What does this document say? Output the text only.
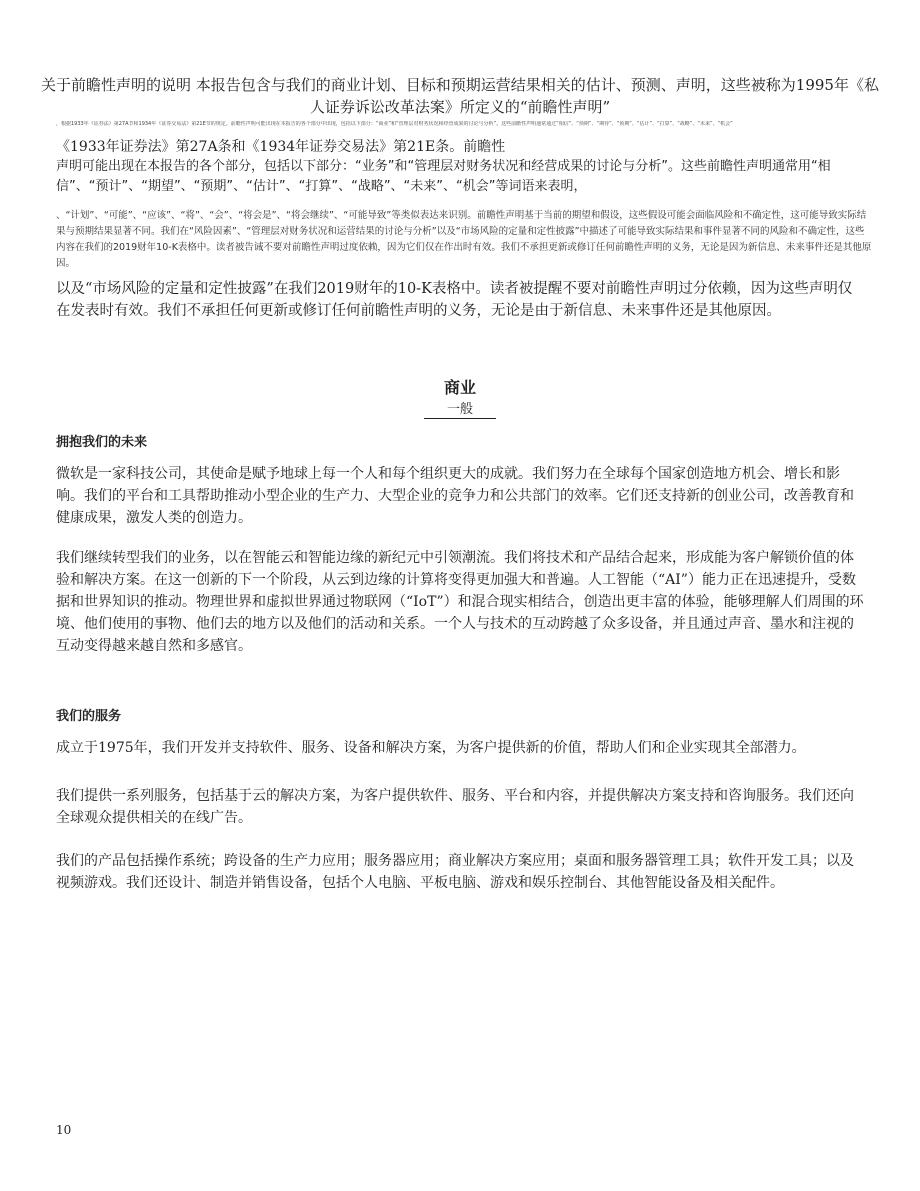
关于前瞻性声明的说明 本报告包含与我们的商业计划、目标和预期运营结果相关的估计、预测、声明，这些被称为1995年《私人证券诉讼改革法案》所定义的“前瞻性声明”

，根据1933年《证券法》第27A节和1934年《证券交易法》第21E节的规定。前瞻性声明可能出现在本报告的各个部分中出现，包括以下部分：“商业”和“管理层对财务状况和经营成果的讨论与分析”。这些前瞻性声明通常通过“相信”、“预期”、“期待”、“预期”、“估计”、“打算”、“战略”、“未来”、“机会”

《1933年证券法》第27A条和《1934年证券交易法》第21E条。前瞻性

声明可能出现在本报告的各个部分，包括以下部分：“业务”和“管理层对财务状况和经营成果的讨论与分析”。这些前瞻性声明通常用“相信”、“预计”、“期望”、“预期”、“估计”、“打算”、“战略”、“未来”、“机会”等词语来表明，

、“计划”、“可能”、“应该”、“将”、“会”、“将会是”、“将会继续”、“可能导致”等类似表达来识别。前瞻性声明基于当前的期望和假设，这些假设可能会面临风险和不确定性，这可能导致实际结果与预期结果显著不同。我们在“风险因素”、“管理层对财务状况和运营结果的讨论与分析”以及“市场风险的定量和定性披露”中描述了可能导致实际结果和事件显著不同的风险和不确定性，这些内容在我们的2019财年10-K表格中。读者被告诫不要对前瞻性声明过度依赖，因为它们仅在作出时有效。我们不承担更新或修订任何前瞻性声明的义务，无论是因为新信息、未来事件还是其他原因。

以及“市场风险的定量和定性披露”在我们2019财年的10-K表格中。读者被提醒不要对前瞻性声明过分依赖，因为这些声明仅在发表时有效。我们不承担任何更新或修订任何前瞻性声明的义务，无论是由于新信息、未来事件还是其他原因。

商业
一般
拥抱我们的未来

微软是一家科技公司，其使命是赋予地球上每一个人和每个组织更大的成就。我们努力在全球每个国家创造地方机会、增长和影响。我们的平台和工具帮助推动小型企业的生产力、大型企业的竞争力和公共部门的效率。它们还支持新的创业公司，改善教育和健康成果，激发人类的创造力。

我们继续转型我们的业务，以在智能云和智能边缘的新纪元中引领潮流。我们将技术和产品结合起来，形成能为客户解锁价值的体验和解决方案。在这一创新的下一个阶段，从云到边缘的计算将变得更加强大和普遍。人工智能（“AI”）能力正在迅速提升，受数据和世界知识的推动。物理世界和虚拟世界通过物联网（“IoT”）和混合现实相结合，创造出更丰富的体验，能够理解人们周围的环境、他们使用的事物、他们去的地方以及他们的活动和关系。一个人与技术的互动跨越了众多设备，并且通过声音、墨水和注视的互动变得越来越自然和多感官。

我们的服务

成立于1975年，我们开发并支持软件、服务、设备和解决方案，为客户提供新的价值，帮助人们和企业实现其全部潜力。

我们提供一系列服务，包括基于云的解决方案，为客户提供软件、服务、平台和内容，并提供解决方案支持和咨询服务。我们还向全球观众提供相关的在线广告。

我们的产品包括操作系统；跨设备的生产力应用；服务器应用；商业解决方案应用；桌面和服务器管理工具；软件开发工具；以及视频游戏。我们还设计、制造并销售设备，包括个人电脑、平板电脑、游戏和娱乐控制台、其他智能设备及相关配件。

10
